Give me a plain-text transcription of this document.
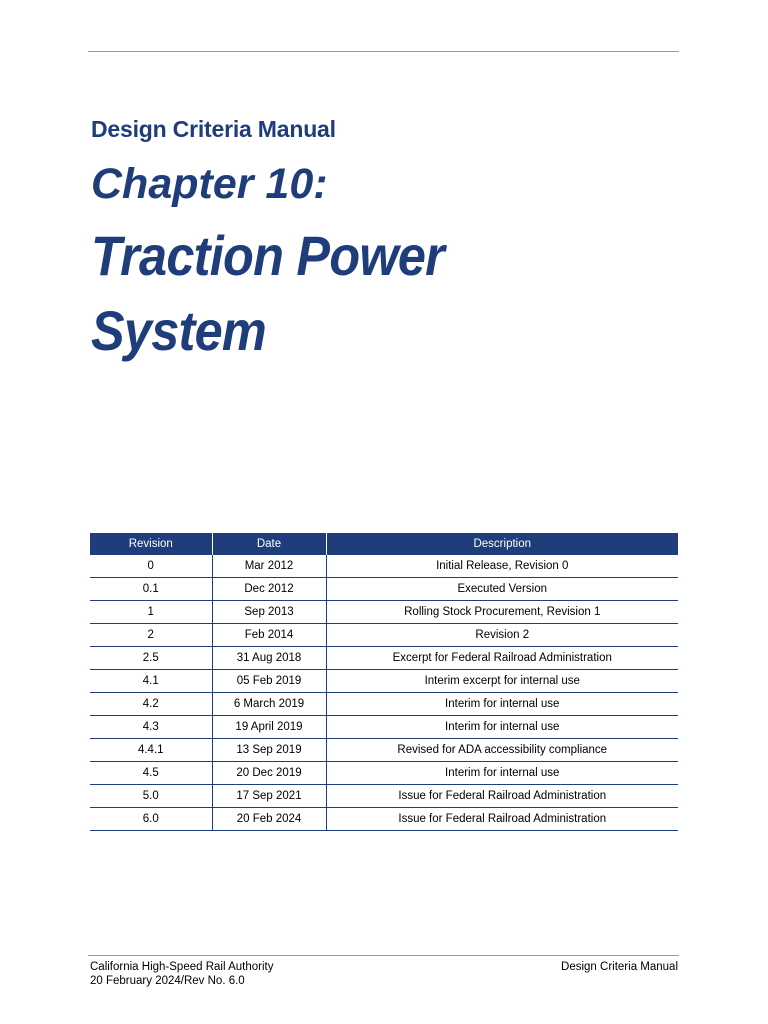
Design Criteria Manual
Chapter 10:
Traction Power System
Revision	Date	Description
0	Mar 2012	Initial Release, Revision 0
0.1	Dec 2012	Executed Version
1	Sep 2013	Rolling Stock Procurement, Revision 1
2	Feb 2014	Revision 2
2.5	31 Aug 2018	Excerpt for Federal Railroad Administration
4.1	05 Feb 2019	Interim excerpt for internal use
4.2	6 March 2019	Interim for internal use
4.3	19 April 2019	Interim for internal use
4.4.1	13 Sep 2019	Revised for ADA accessibility compliance
4.5	20 Dec 2019	Interim for internal use
5.0	17 Sep 2021	Issue for Federal Railroad Administration
6.0	20 Feb 2024	Issue for Federal Railroad Administration
California High-Speed Rail Authority
20 February 2024/Rev No. 6.0
Design Criteria Manual
